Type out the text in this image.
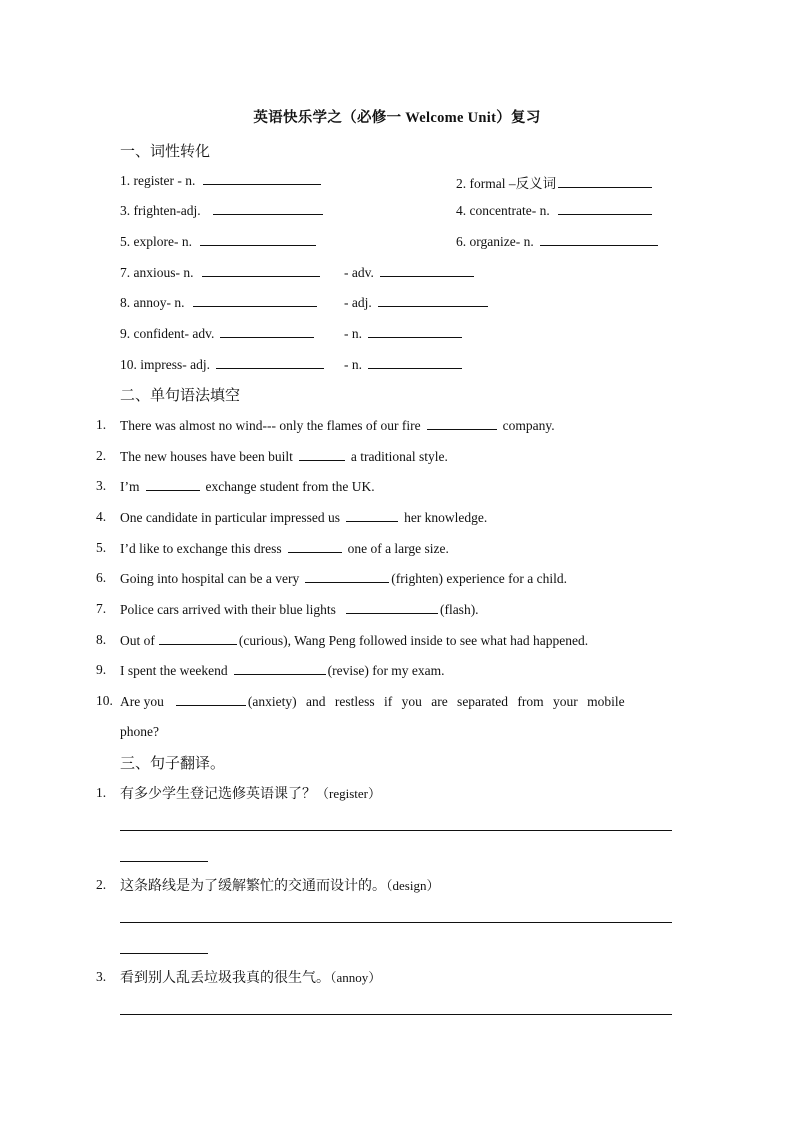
英语快乐学之（必修一 Welcome Unit）复习
一、词性转化
1. register - n.	2. formal –反义词
3. frighten-adj.	4. concentrate- n.
5. explore- n.	6. organize- n.
7. anxious- n.	- adv.
8. annoy- n.	- adj.
9. confident- adv.	- n.
10. impress- adj.	- n.
二、单句语法填空
1. There was almost no wind--- only the flames of our fire	company.
2. The new houses have been built	a traditional style.
3. I’m	exchange student from the UK.
4. One candidate in particular impressed us	her knowledge.
5. I’d like to exchange this dress	one of a large size.
6. Going into hospital can be a very	(frighten) experience for a child.
7. Police cars arrived with their blue lights	(flash).
8. Out of	(curious), Wang Peng followed inside to see what had happened.
9. I spent the weekend	(revise) for my exam.
10. Are you	(anxiety) and restless if you are separated from your mobile
phone?
三、句子翻译。
1. 有多少学生登记选修英语课了？（register）
2. 这条路线是为了缓解繁忙的交通而设计的。（design）
3. 看到别人乱丢垃圾我真的很生气。（annoy）
